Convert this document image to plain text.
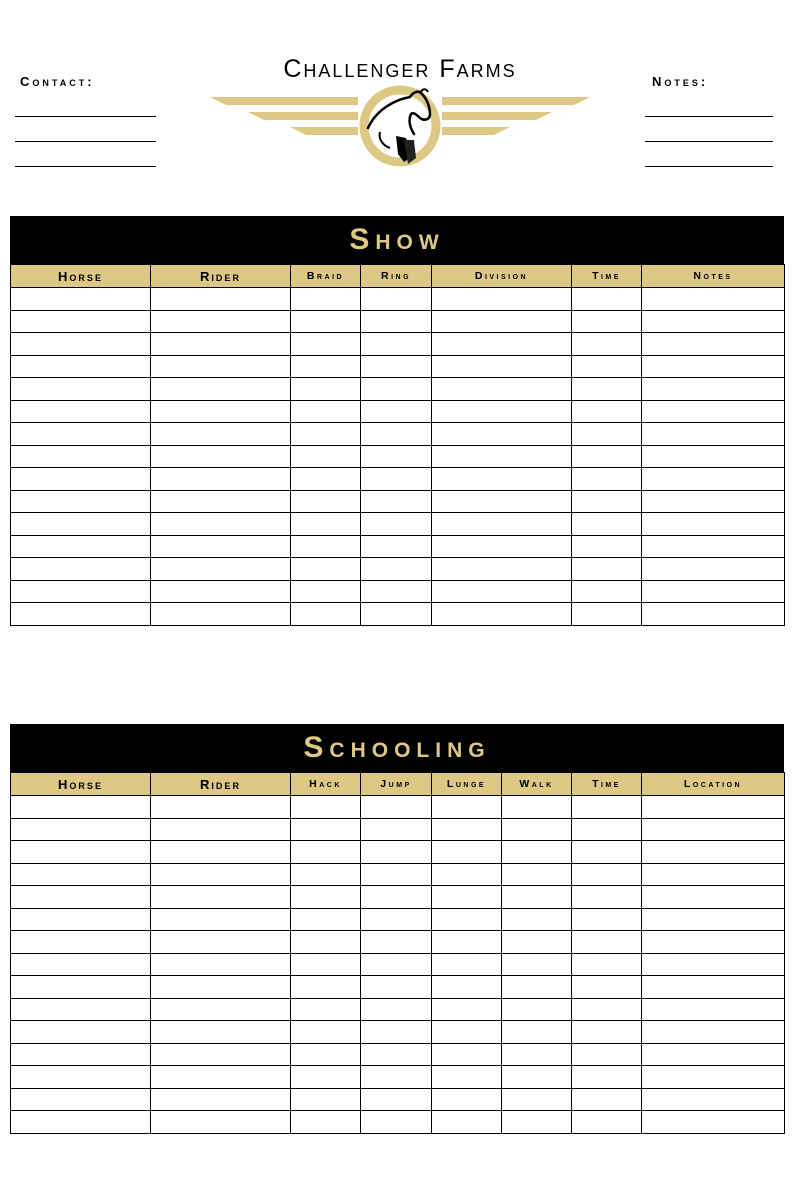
Contact:	Challenger Farms	Notes:
Show
Horse	Rider	Braid	Ring	Division	Time	Notes

Schooling
Horse	Rider	Hack	Jump	Lunge	Walk	Time	Location
